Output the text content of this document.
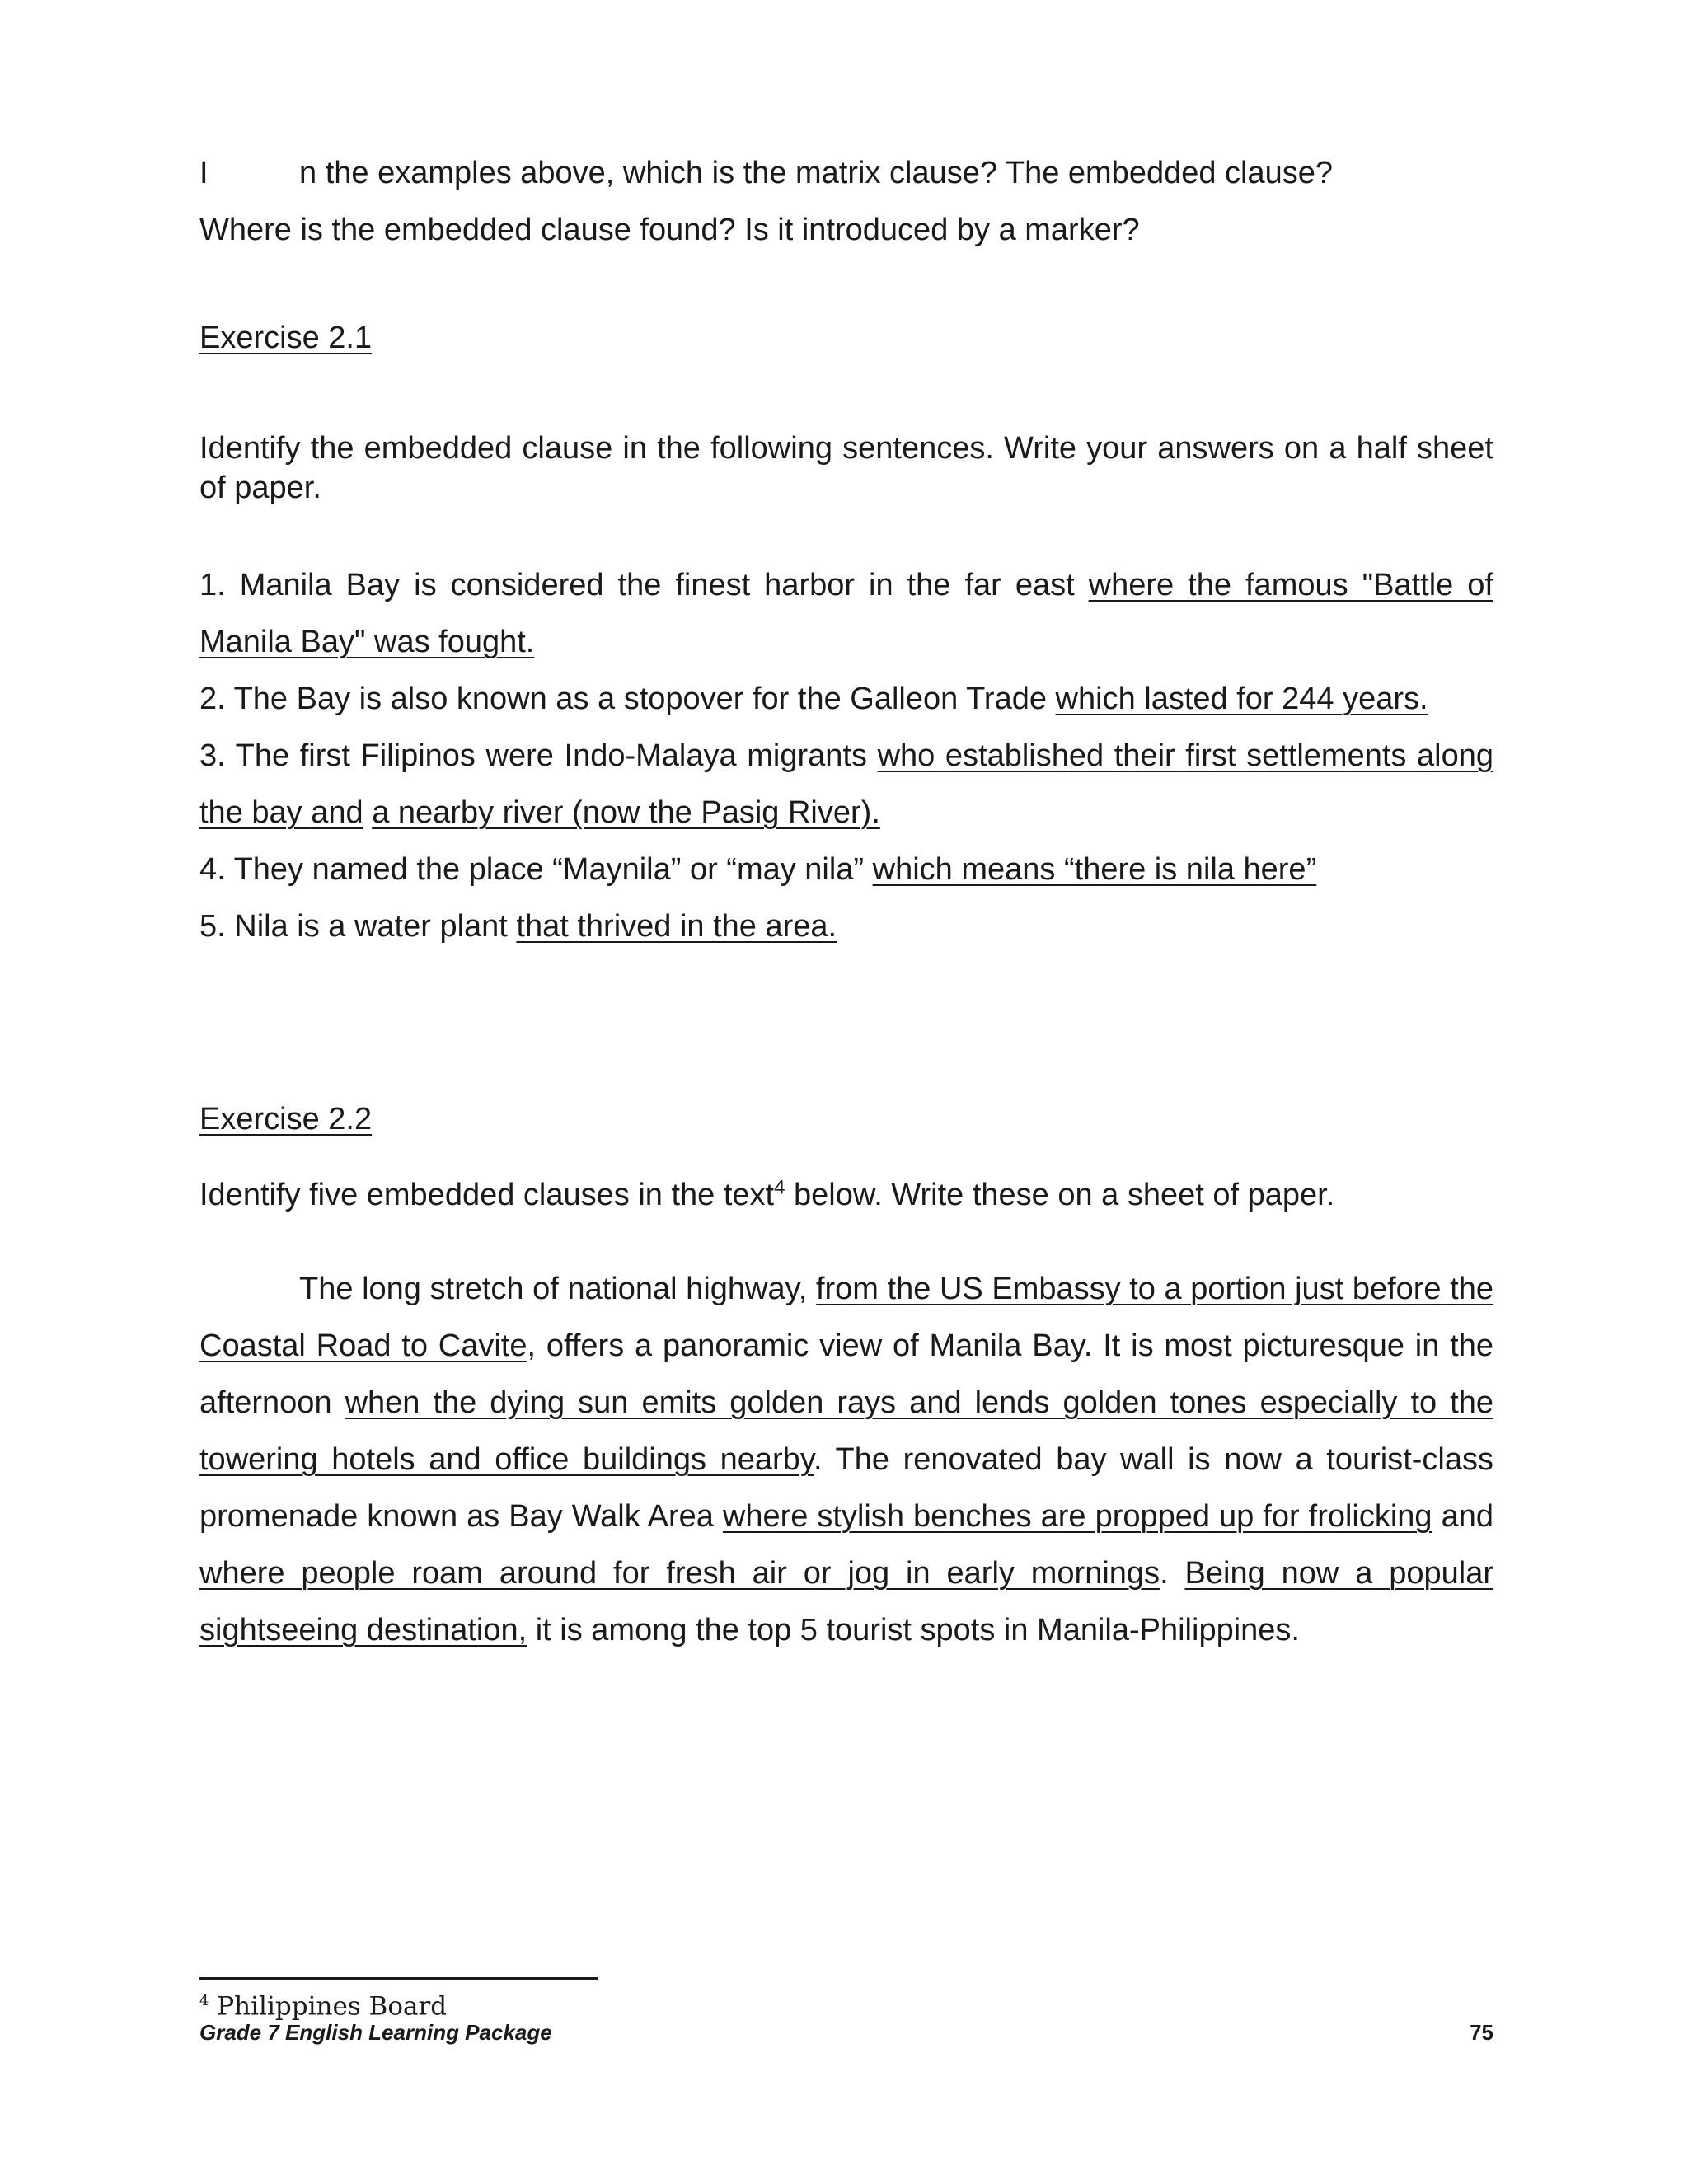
I	n the examples above, which is the matrix clause? The embedded clause?
Where is the embedded clause found? Is it introduced by a marker?
Exercise 2.1
Identify the embedded clause in the following sentences. Write your answers on a half sheet of paper.

1. Manila Bay is considered the finest harbor in the far east where the famous "Battle of Manila Bay" was fought.

2. The Bay is also known as a stopover for the Galleon Trade which lasted for 244 years.

3. The first Filipinos were Indo-Malaya migrants who established their first settlements along the bay and a nearby river (now the Pasig River).

4. They named the place “Maynila” or “may nila” which means “there is nila here”

5. Nila is a water plant that thrived in the area.

Exercise 2.2
Identify five embedded clauses in the text$^4$ below. Write these on a sheet of paper.

The long stretch of national highway, from the US Embassy to a portion just before the Coastal Road to Cavite, offers a panoramic view of Manila Bay. It is most picturesque in the afternoon when the dying sun emits golden rays and lends golden tones especially to the towering hotels and office buildings nearby. The renovated bay wall is now a tourist-class promenade known as Bay Walk Area where stylish benches are propped up for frolicking and where people roam around for fresh air or jog in early mornings. Being now a popular sightseeing destination, it is among the top 5 tourist spots in Manila-Philippines.

$^4$ Philippines Board
Grade 7 English Learning Package	75
